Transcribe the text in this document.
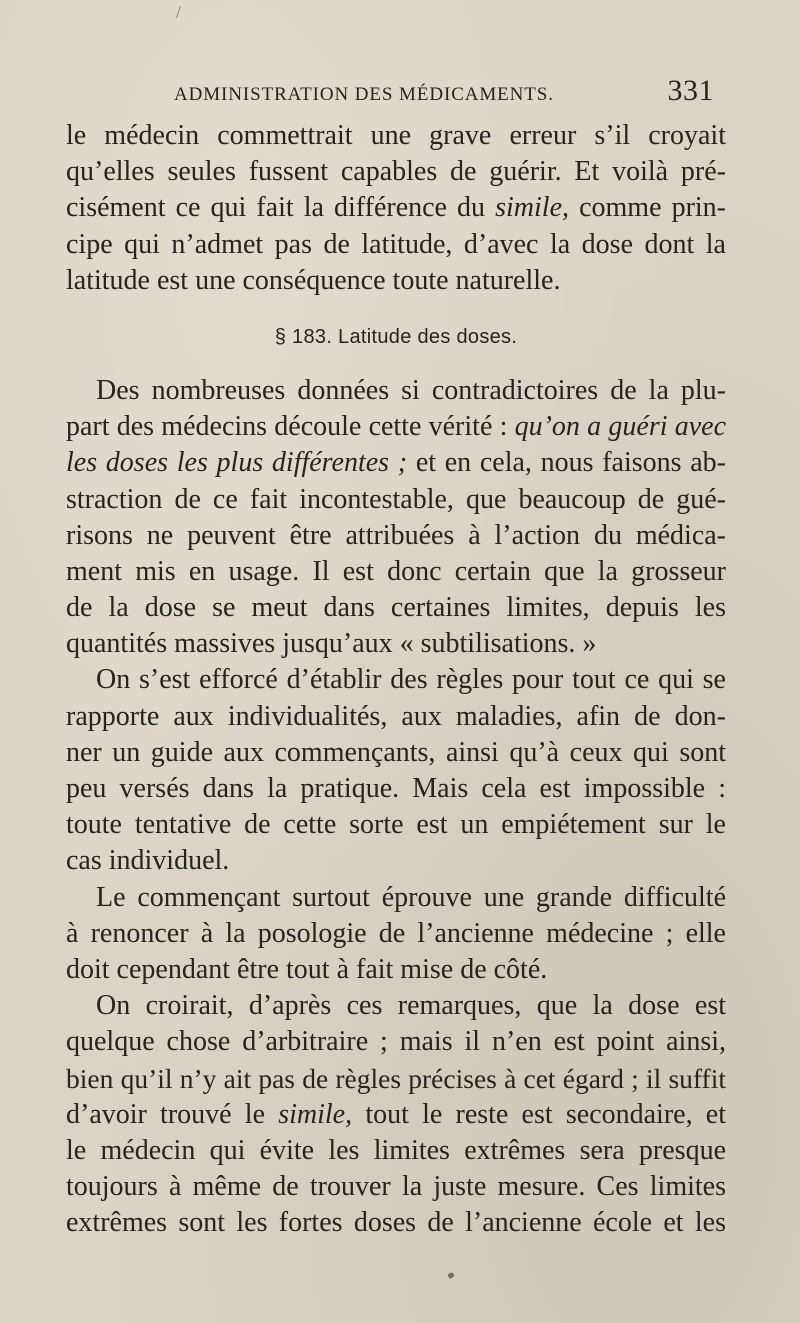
ADMINISTRATION DES MÉDICAMENTS.	331
le médecin commettrait une grave erreur s’il croyait
qu’elles seules fussent capables de guérir. Et voilà pré-
cisément ce qui fait la différence du simile, comme prin-
cipe qui n’admet pas de latitude, d’avec la dose dont la
latitude est une conséquence toute naturelle.
§ 183. Latitude des doses.
Des nombreuses données si contradictoires de la plu-
part des médecins découle cette vérité : qu’on a guéri avec
les doses les plus différentes ; et en cela, nous faisons ab-
straction de ce fait incontestable, que beaucoup de gué-
risons ne peuvent être attribuées à l’action du médica-
ment mis en usage. Il est donc certain que la grosseur
de la dose se meut dans certaines limites, depuis les
quantités massives jusqu’aux « subtilisations. »
On s’est efforcé d’établir des règles pour tout ce qui se
rapporte aux individualités, aux maladies, afin de don-
ner un guide aux commençants, ainsi qu’à ceux qui sont
peu versés dans la pratique. Mais cela est impossible :
toute tentative de cette sorte est un empiétement sur le
cas individuel.
Le commençant surtout éprouve une grande difficulté
à renoncer à la posologie de l’ancienne médecine ; elle
doit cependant être tout à fait mise de côté.
On croirait, d’après ces remarques, que la dose est
quelque chose d’arbitraire ; mais il n’en est point ainsi,
bien qu’il n’y ait pas de règles précises à cet égard ; il suffit
d’avoir trouvé le simile, tout le reste est secondaire, et
le médecin qui évite les limites extrêmes sera presque
toujours à même de trouver la juste mesure. Ces limites
extrêmes sont les fortes doses de l’ancienne école et les
